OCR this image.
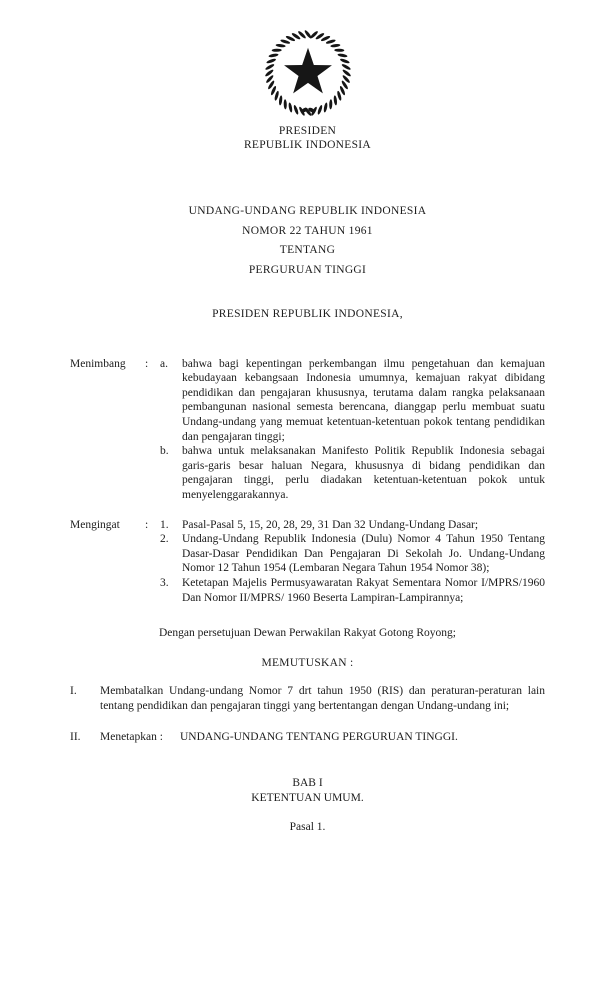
PRESIDEN
REPUBLIK INDONESIA
UNDANG-UNDANG REPUBLIK INDONESIA
NOMOR 22 TAHUN 1961
TENTANG
PERGURUAN TINGGI
PRESIDEN REPUBLIK INDONESIA,
Menimbang	:	a.	bahwa bagi kepentingan perkembangan ilmu pengetahuan dan kemajuan kebudayaan kebangsaan Indonesia umumnya, kemajuan rakyat dibidang pendidikan dan pengajaran khususnya, terutama dalam rangka pelaksanaan pembangunan nasional semesta berencana, dianggap perlu membuat suatu Undang-undang yang memuat ketentuan-ketentuan pokok tentang pendidikan dan pengajaran tinggi;
b.	bahwa untuk melaksanakan Manifesto Politik Republik Indonesia sebagai garis-garis besar haluan Negara, khususnya di bidang pendidikan dan pengajaran tinggi, perlu diadakan ketentuan-ketentuan pokok untuk menyelenggarakannya.
Mengingat	:	1.	Pasal-Pasal 5, 15, 20, 28, 29, 31 Dan 32 Undang-Undang Dasar;
2.	Undang-Undang Republik Indonesia (Dulu) Nomor 4 Tahun 1950 Tentang Dasar-Dasar Pendidikan Dan Pengajaran Di Sekolah Jo. Undang-Undang Nomor 12 Tahun 1954 (Lembaran Negara Tahun 1954 Nomor 38);
3.	Ketetapan Majelis Permusyawaratan Rakyat Sementara Nomor I/MPRS/1960 Dan Nomor II/MPRS/ 1960 Beserta Lampiran-Lampirannya;
Dengan persetujuan Dewan Perwakilan Rakyat Gotong Royong;
MEMUTUSKAN :
I.	Membatalkan Undang-undang Nomor 7 drt tahun 1950 (RIS) dan peraturan-peraturan lain tentang pendidikan dan pengajaran tinggi yang bertentangan dengan Undang-undang ini;
II.	Menetapkan :	UNDANG-UNDANG TENTANG PERGURUAN TINGGI.
BAB I
KETENTUAN UMUM.
Pasal 1.
